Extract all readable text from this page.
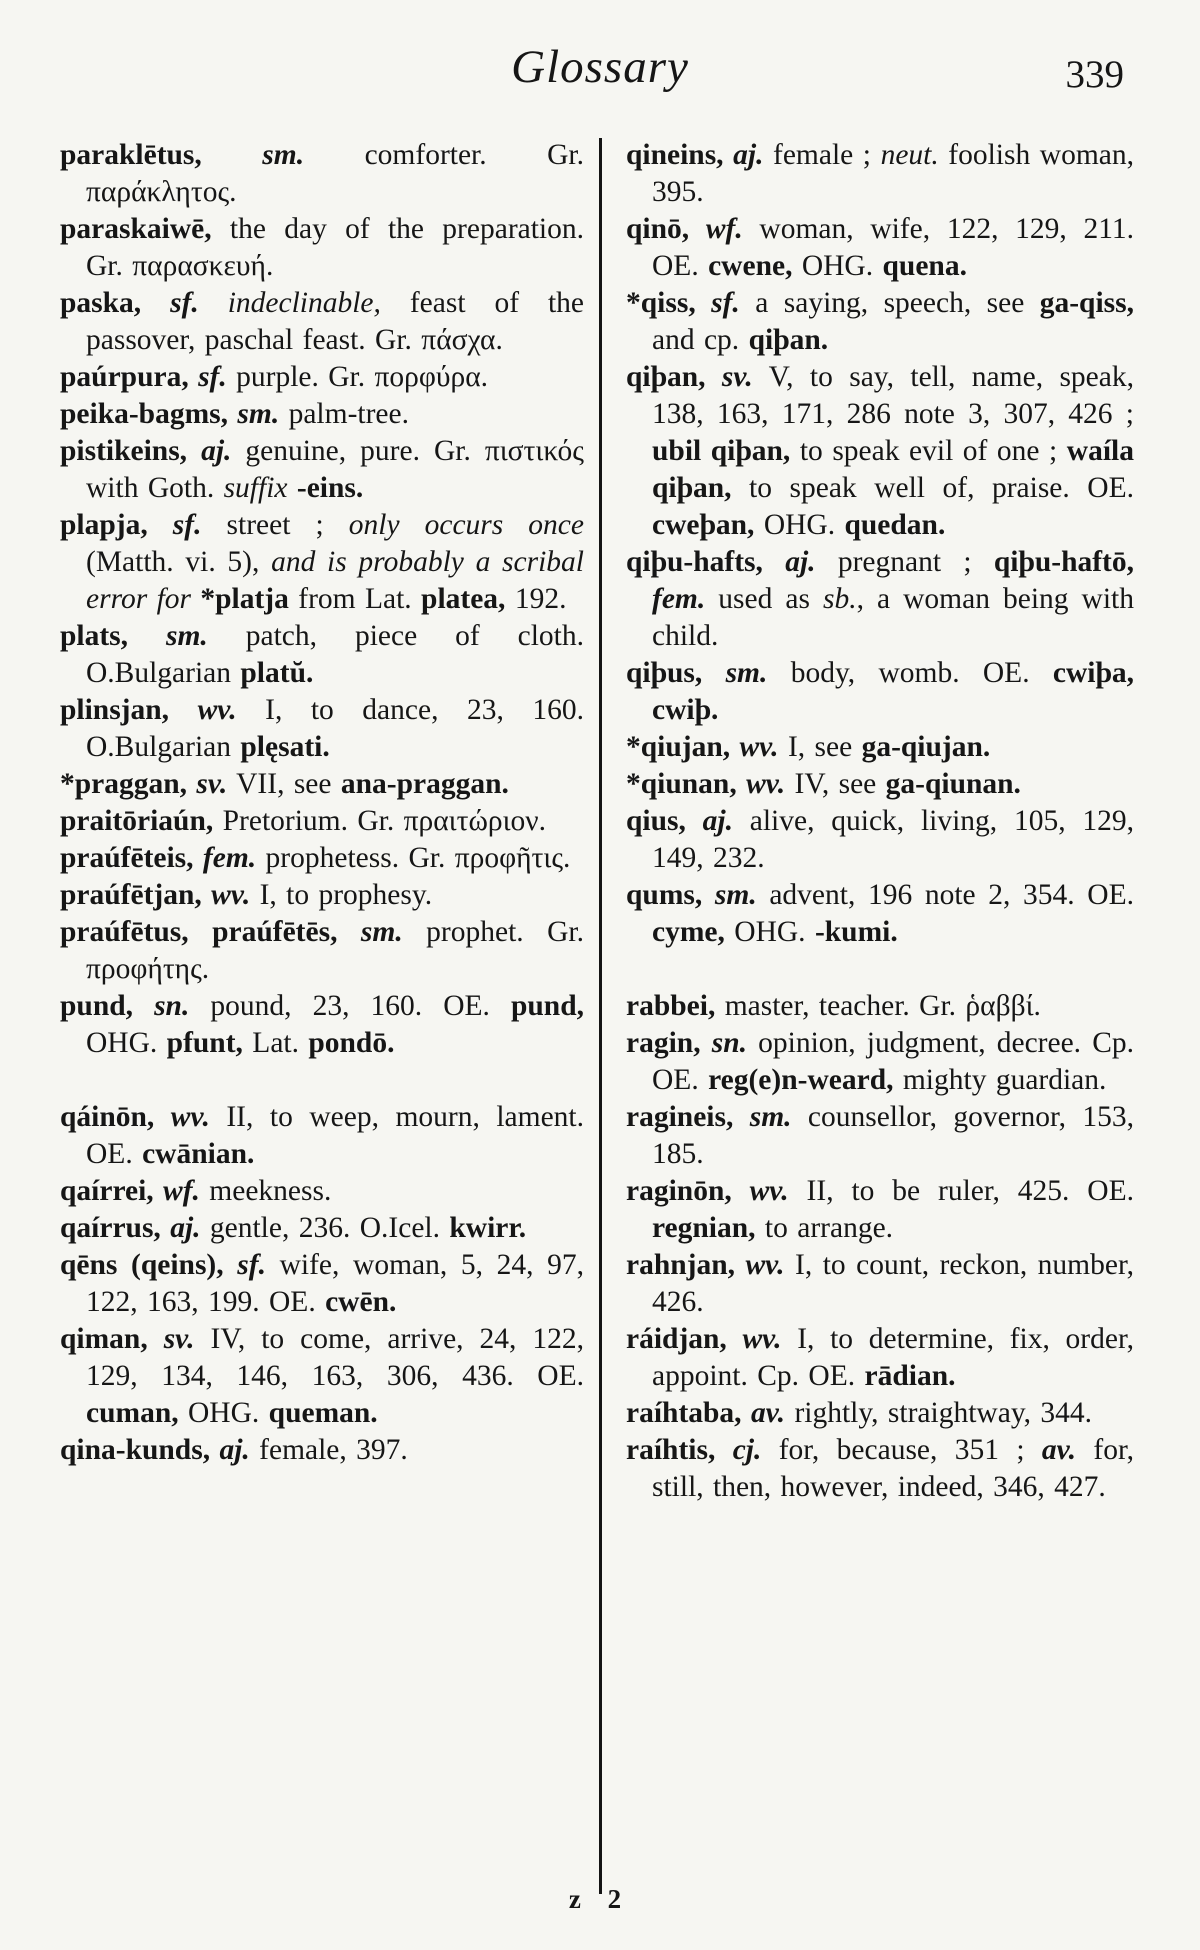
Glossary	339

paraklētus, sm. comforter. Gr. παράκλητος.

paraskaiwē, the day of the preparation. Gr. παρασκευή.

paska, sf. indeclinable, feast of the passover, paschal feast. Gr. πάσχα.

paúrpura, sf. purple. Gr. πορφύρα.

peika-bagms, sm. palm-tree.

pistikeins, aj. genuine, pure. Gr. πιστικός with Goth. suffix -eins.

plapja, sf. street ; only occurs once (Matth. vi. 5), and is probably a scribal error for *platja from Lat. platea, 192.

plats, sm. patch, piece of cloth. O.Bulgarian platŭ.

plinsjan, wv. I, to dance, 23, 160. O.Bulgarian plęsati.

*praggan, sv. VII, see ana-praggan.

praitōriaún, Pretorium. Gr. πραιτώριον.

praúfēteis, fem. prophetess. Gr. προφῆτις.

praúfētjan, wv. I, to prophesy.

praúfētus, praúfētēs, sm. prophet. Gr. προφήτης.

pund, sn. pound, 23, 160. OE. pund, OHG. pfunt, Lat. pondō.

qáinōn, wv. II, to weep, mourn, lament. OE. cwānian.

qaírrei, wf. meekness.

qaírrus, aj. gentle, 236. O.Icel. kwirr.

qēns (qeins), sf. wife, woman, 5, 24, 97, 122, 163, 199. OE. cwēn.

qiman, sv. IV, to come, arrive, 24, 122, 129, 134, 146, 163, 306, 436. OE. cuman, OHG. queman.

qina-kunds, aj. female, 397.

qineins, aj. female ; neut. foolish woman, 395.

qinō, wf. woman, wife, 122, 129, 211. OE. cwene, OHG. quena.

*qiss, sf. a saying, speech, see ga-qiss, and cp. qiþan.

qiþan, sv. V, to say, tell, name, speak, 138, 163, 171, 286 note 3, 307, 426 ; ubil qiþan, to speak evil of one ; waíla qiþan, to speak well of, praise. OE. cweþan, OHG. quedan.

qiþu-hafts, aj. pregnant ; qiþu-haftō, fem. used as sb., a woman being with child.

qiþus, sm. body, womb. OE. cwiþa, cwiþ.

*qiujan, wv. I, see ga-qiujan.

*qiunan, wv. IV, see ga-qiunan.

qius, aj. alive, quick, living, 105, 129, 149, 232.

qums, sm. advent, 196 note 2, 354. OE. cyme, OHG. -kumi.

rabbei, master, teacher. Gr. ῥαββί.

ragin, sn. opinion, judgment, decree. Cp. OE. reg(e)n-weard, mighty guardian.

ragineis, sm. counsellor, governor, 153, 185.

raginōn, wv. II, to be ruler, 425. OE. regnian, to arrange.

rahnjan, wv. I, to count, reckon, number, 426.

ráidjan, wv. I, to determine, fix, order, appoint. Cp. OE. rādian.

raíhtaba, av. rightly, straightway, 344.

raíhtis, cj. for, because, 351 ; av. for, still, then, however, indeed, 346, 427.

z 2
